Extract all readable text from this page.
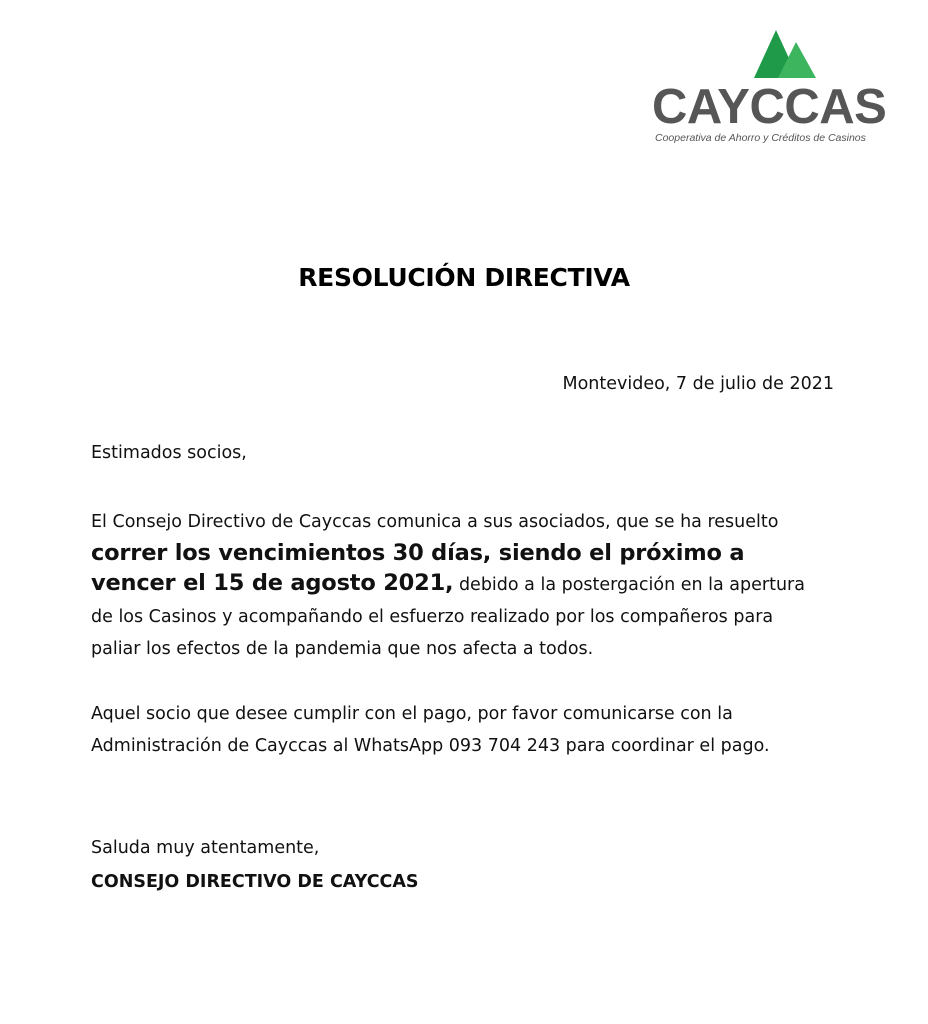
CAYCCAS
Cooperativa de Ahorro y Créditos de Casinos
RESOLUCIÓN DIRECTIVA
Montevideo, 7 de julio de 2021
Estimados socios,
El Consejo Directivo de Cayccas comunica a sus asociados, que se ha resuelto
correr los vencimientos 30 días, siendo el próximo a
vencer el 15 de agosto 2021, debido a la postergación en la apertura
de los Casinos y acompañando el esfuerzo realizado por los compañeros para
paliar los efectos de la pandemia que nos afecta a todos.
Aquel socio que desee cumplir con el pago, por favor comunicarse con la
Administración de Cayccas al WhatsApp 093 704 243 para coordinar el pago.
Saluda muy atentamente,
CONSEJO DIRECTIVO DE CAYCCAS
